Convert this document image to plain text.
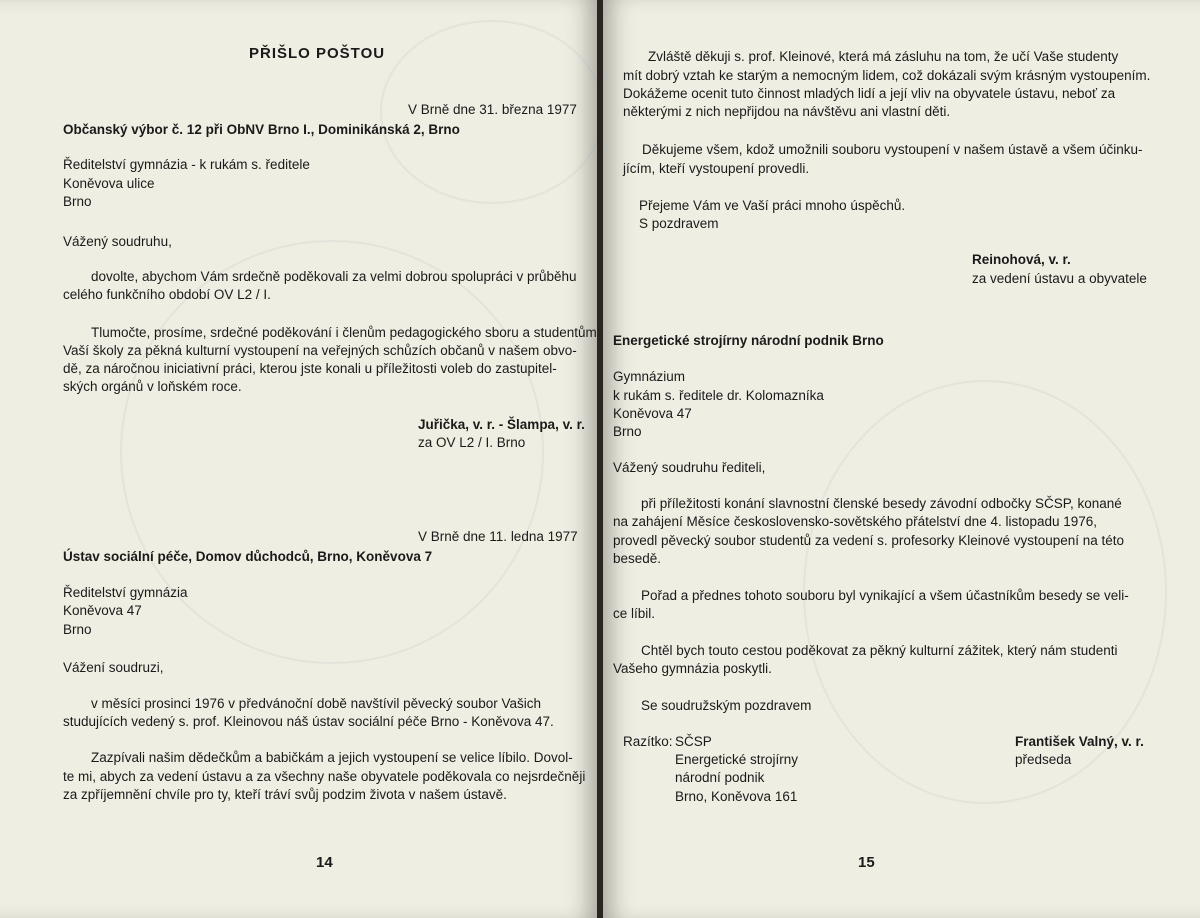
PŘIŠLO POŠTOU
V Brně dne 31. března 1977
Občanský výbor č. 12 při ObNV Brno I., Dominikánská 2, Brno
Ředitelství gymnázia - k rukám s. ředitele
Koněvova ulice
Brno
Vážený soudruhu,
dovolte, abychom Vám srdečně poděkovali za velmi dobrou spolupráci v průběhu
celého funkčního období OV L2 / I.
Tlumočte, prosíme, srdečné poděkování i členům pedagogického sboru a studentům
Vaší školy za pěkná kulturní vystoupení na veřejných schůzích občanů v našem obvo-
dě, za náročnou iniciativní práci, kterou jste konali u příležitosti voleb do zastupitel-
ských orgánů v loňském roce.
Juřička, v. r. - Šlampa, v. r.
za OV L2 / I. Brno
V Brně dne 11. ledna 1977
Ústav sociální péče, Domov důchodců, Brno, Koněvova 7
Ředitelství gymnázia
Koněvova 47
Brno
Vážení soudruzi,
v měsíci prosinci 1976 v předvánoční době navštívil pěvecký soubor Vašich
studujících vedený s. prof. Kleinovou náš ústav sociální péče Brno - Koněvova 47.
Zazpívali našim dědečkům a babičkám a jejich vystoupení se velice líbilo. Dovol-
te mi, abych za vedení ústavu a za všechny naše obyvatele poděkovala co nejsrdečněji
za zpříjemnění chvíle pro ty, kteří tráví svůj podzim života v našem ústavě.
14
Zvláště děkuji s. prof. Kleinové, která má zásluhu na tom, že učí Vaše studenty
mít dobrý vztah ke starým a nemocným lidem, což dokázali svým krásným vystoupením.
Dokážeme ocenit tuto činnost mladých lidí a její vliv na obyvatele ústavu, neboť za
některými z nich nepřijdou na návštěvu ani vlastní děti.
Děkujeme všem, kdož umožnili souboru vystoupení v našem ústavě a všem účinku-
jícím, kteří vystoupení provedli.
Přejeme Vám ve Vaší práci mnoho úspěchů.
S pozdravem
Reinohová, v. r.
za vedení ústavu a obyvatele
Energetické strojírny národní podnik Brno
Gymnázium
k rukám s. ředitele dr. Kolomazníka
Koněvova 47
Brno
Vážený soudruhu řediteli,
při příležitosti konání slavnostní členské besedy závodní odbočky SČSP, konané
na zahájení Měsíce československo-sovětského přátelství dne 4. listopadu 1976,
provedl pěvecký soubor studentů za vedení s. profesorky Kleinové vystoupení na této
besedě.
Pořad a přednes tohoto souboru byl vynikající a všem účastníkům besedy se veli-
ce líbil.
Chtěl bych touto cestou poděkovat za pěkný kulturní zážitek, který nám studenti
Vašeho gymnázia poskytli.
Se soudružským pozdravem
Razítko: SČSP
Energetické strojírny
národní podnik
Brno, Koněvova 161
František Valný, v. r.
předseda
15
